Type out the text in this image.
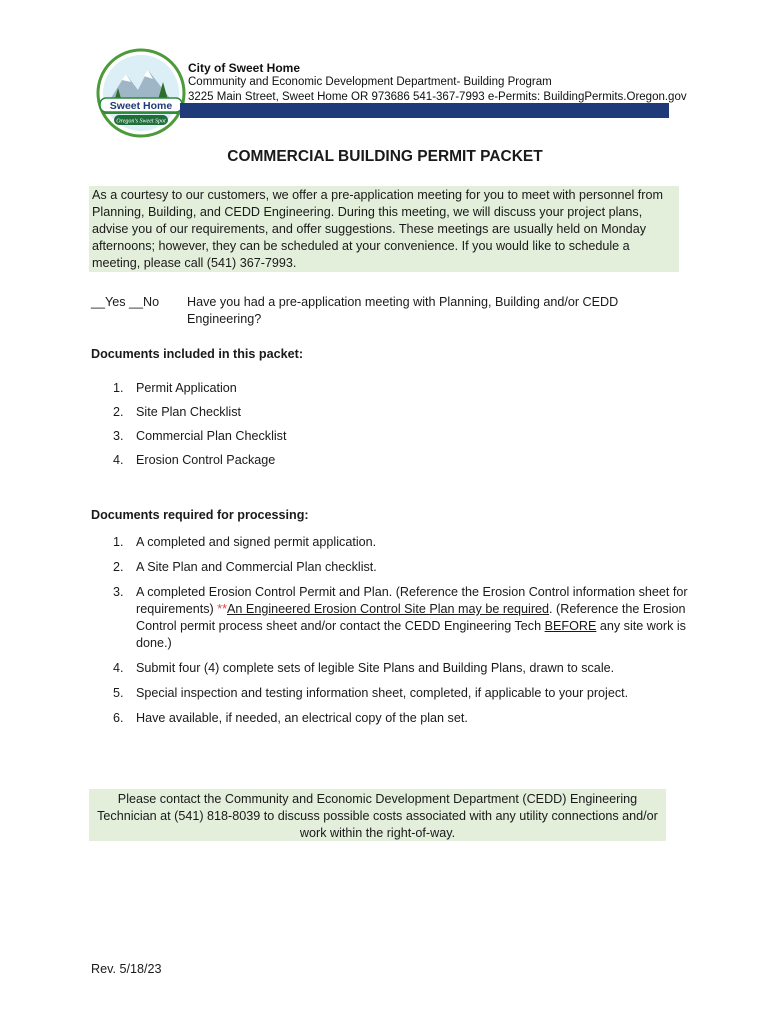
Sweet Home
Oregon's Sweet Spot
City of Sweet Home
Community and Economic Development Department- Building Program
3225 Main Street, Sweet Home OR 973686 541-367-7993 e-Permits: BuildingPermits.Oregon.gov
COMMERCIAL BUILDING PERMIT PACKET

As a courtesy to our customers, we offer a pre-application meeting for you to meet with personnel from Planning, Building, and CEDD Engineering. During this meeting, we will discuss your project plans, advise you of our requirements, and offer suggestions. These meetings are usually held on Monday afternoons; however, they can be scheduled at your convenience. If you would like to schedule a meeting, please call (541) 367-7993.

__Yes __No Have you had a pre-application meeting with Planning, Building and/or CEDD Engineering?
Documents included in this packet:
1. Permit Application
2. Site Plan Checklist
3. Commercial Plan Checklist
4. Erosion Control Package
Documents required for processing:
1. A completed and signed permit application.
2. A Site Plan and Commercial Plan checklist.
3. A completed Erosion Control Permit and Plan. (Reference the Erosion Control information sheet for requirements) **An Engineered Erosion Control Site Plan may be required. (Reference the Erosion Control permit process sheet and/or contact the CEDD Engineering Tech BEFORE any site work is done.)
4. Submit four (4) complete sets of legible Site Plans and Building Plans, drawn to scale.
5. Special inspection and testing information sheet, completed, if applicable to your project.
6. Have available, if needed, an electrical copy of the plan set.

Please contact the Community and Economic Development Department (CEDD) Engineering Technician at (541) 818-8039 to discuss possible costs associated with any utility connections and/or work within the right-of-way.

Rev. 5/18/23
